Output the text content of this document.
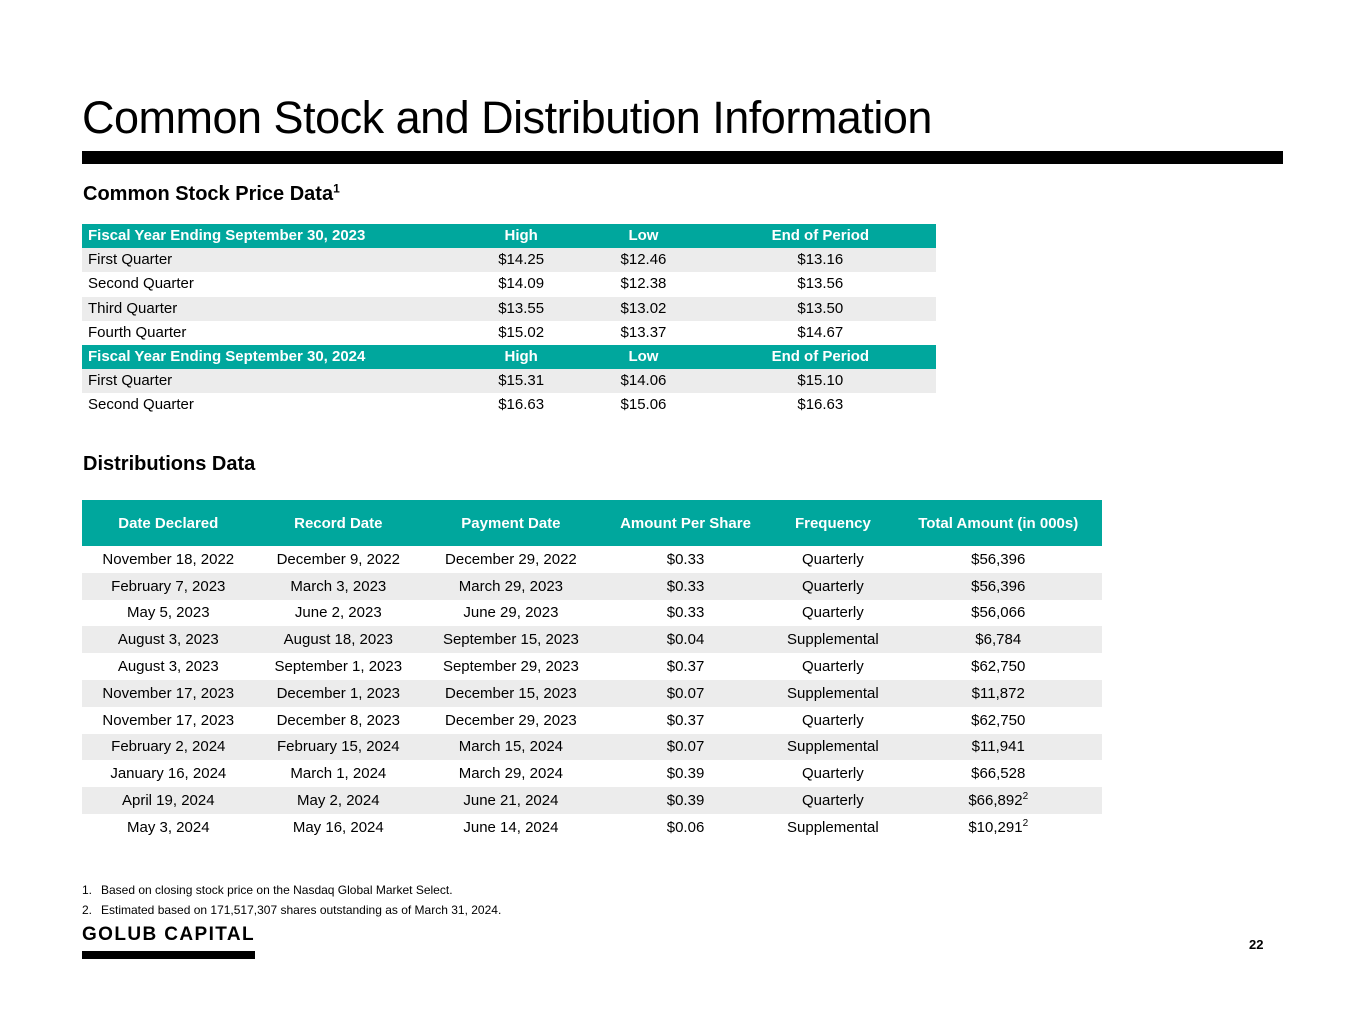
Common Stock and Distribution Information
Common Stock Price Data$^1$
Fiscal Year Ending September 30, 2023	High	Low	End of Period
First Quarter	$14.25	$12.46	$13.16
Second Quarter	$14.09	$12.38	$13.56
Third Quarter	$13.55	$13.02	$13.50
Fourth Quarter	$15.02	$13.37	$14.67
Fiscal Year Ending September 30, 2024	High	Low	End of Period
First Quarter	$15.31	$14.06	$15.10
Second Quarter	$16.63	$15.06	$16.63
Distributions Data
Date Declared	Record Date	Payment Date	Amount Per Share	Frequency	Total Amount (in 000s)
November 18, 2022	December 9, 2022	December 29, 2022	$0.33	Quarterly	$56,396
February 7, 2023	March 3, 2023	March 29, 2023	$0.33	Quarterly	$56,396
May 5, 2023	June 2, 2023	June 29, 2023	$0.33	Quarterly	$56,066
August 3, 2023	August 18, 2023	September 15, 2023	$0.04	Supplemental	$6,784
August 3, 2023	September 1, 2023	September 29, 2023	$0.37	Quarterly	$62,750
November 17, 2023	December 1, 2023	December 15, 2023	$0.07	Supplemental	$11,872
November 17, 2023	December 8, 2023	December 29, 2023	$0.37	Quarterly	$62,750
February 2, 2024	February 15, 2024	March 15, 2024	$0.07	Supplemental	$11,941
January 16, 2024	March 1, 2024	March 29, 2024	$0.39	Quarterly	$66,528
April 19, 2024	May 2, 2024	June 21, 2024	$0.39	Quarterly	$66,892$^2$
May 3, 2024	May 16, 2024	June 14, 2024	$0.06	Supplemental	$10,291$^2$
1. Based on closing stock price on the Nasdaq Global Market Select.
2. Estimated based on 171,517,307 shares outstanding as of March 31, 2024.
GOLUB CAPITAL	22
